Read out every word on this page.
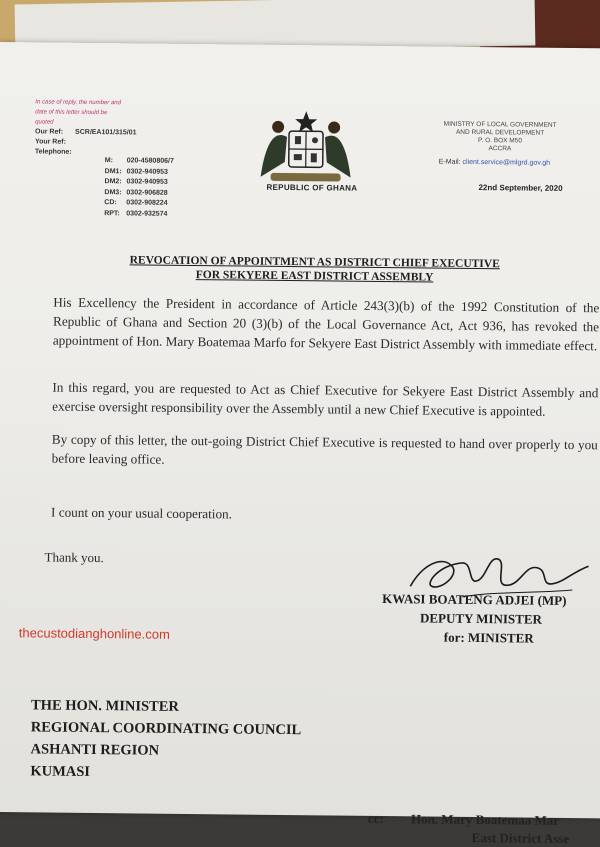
In case of reply, the number and date of this letter should be quoted
Our Ref:	SCR/EA101/315/01
Your Ref:
Telephone:
M:	020-4580806/7
DM1: 0302-940953
DM2: 0302-940953
DM3: 0302-906828
CD:	0302-908224
RPT: 0302-932574
REPUBLIC OF GHANA
MINISTRY OF LOCAL GOVERNMENT
AND RURAL DEVELOPMENT
P. O. BOX M50
ACCRA
E-Mail: client.service@mlgrd.gov.gh
22nd September, 2020
REVOCATION OF APPOINTMENT AS DISTRICT CHIEF EXECUTIVE
FOR SEKYERE EAST DISTRICT ASSEMBLY
His Excellency the President in accordance of Article 243(3)(b) of the 1992 Constitution of the Republic of Ghana and Section 20 (3)(b) of the Local Governance Act, Act 936, has revoked the appointment of Hon. Mary Boatemaa Marfo for Sekyere East District Assembly with immediate effect.
In this regard, you are requested to Act as Chief Executive for Sekyere East District Assembly and exercise oversight responsibility over the Assembly until a new Chief Executive is appointed.
By copy of this letter, the out-going District Chief Executive is requested to hand over properly to you before leaving office.
I count on your usual cooperation.
Thank you.
KWASI BOATENG ADJEI (MP)
DEPUTY MINISTER
for: MINISTER
thecustodianghonline.com
THE HON. MINISTER
REGIONAL COORDINATING COUNCIL
ASHANTI REGION
KUMASI
cc: Hon. Mary Boatemaa Mar
East District Asse
